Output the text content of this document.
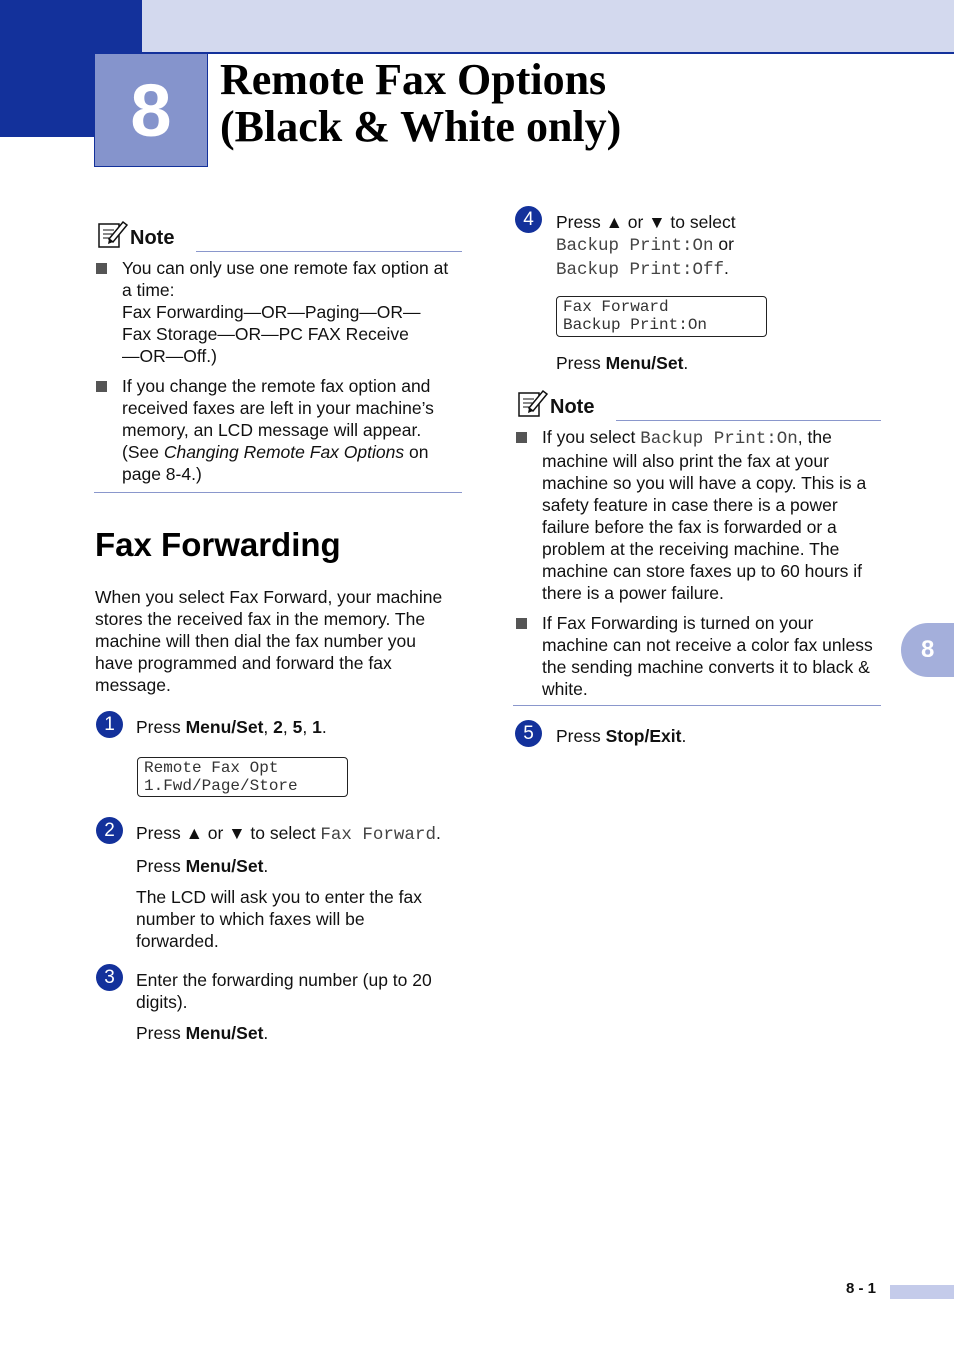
8	Remote Fax Options
(Black & White only)
Note
You can only use one remote fax option at
a time:
Fax Forwarding—OR—Paging—OR—
Fax Storage—OR—PC FAX Receive
—OR—Off.)
If you change the remote fax option and
received faxes are left in your machine’s
memory, an LCD message will appear.
(See Changing Remote Fax Options on
page 8-4.)
Fax Forwarding
When you select Fax Forward, your machine
stores the received fax in the memory. The
machine will then dial the fax number you
have programmed and forward the fax
message.
1	Press Menu/Set, 2, 5, 1.
Remote Fax Opt
1.Fwd/Page/Store
2	Press ▲ or ▼ to select Fax Forward.
Press Menu/Set.
The LCD will ask you to enter the fax
number to which faxes will be
forwarded.
3	Enter the forwarding number (up to 20
digits).
Press Menu/Set.
4	Press ▲ or ▼ to select
Backup Print:On or
Backup Print:Off.
Fax Forward
Backup Print:On
Press Menu/Set.
Note
If you select Backup Print:On, the
machine will also print the fax at your
machine so you will have a copy. This is a
safety feature in case there is a power
failure before the fax is forwarded or a
problem at the receiving machine. The
machine can store faxes up to 60 hours if
there is a power failure.
If Fax Forwarding is turned on your
machine can not receive a color fax unless
the sending machine converts it to black &
white.
5	Press Stop/Exit.
8
8 - 1
